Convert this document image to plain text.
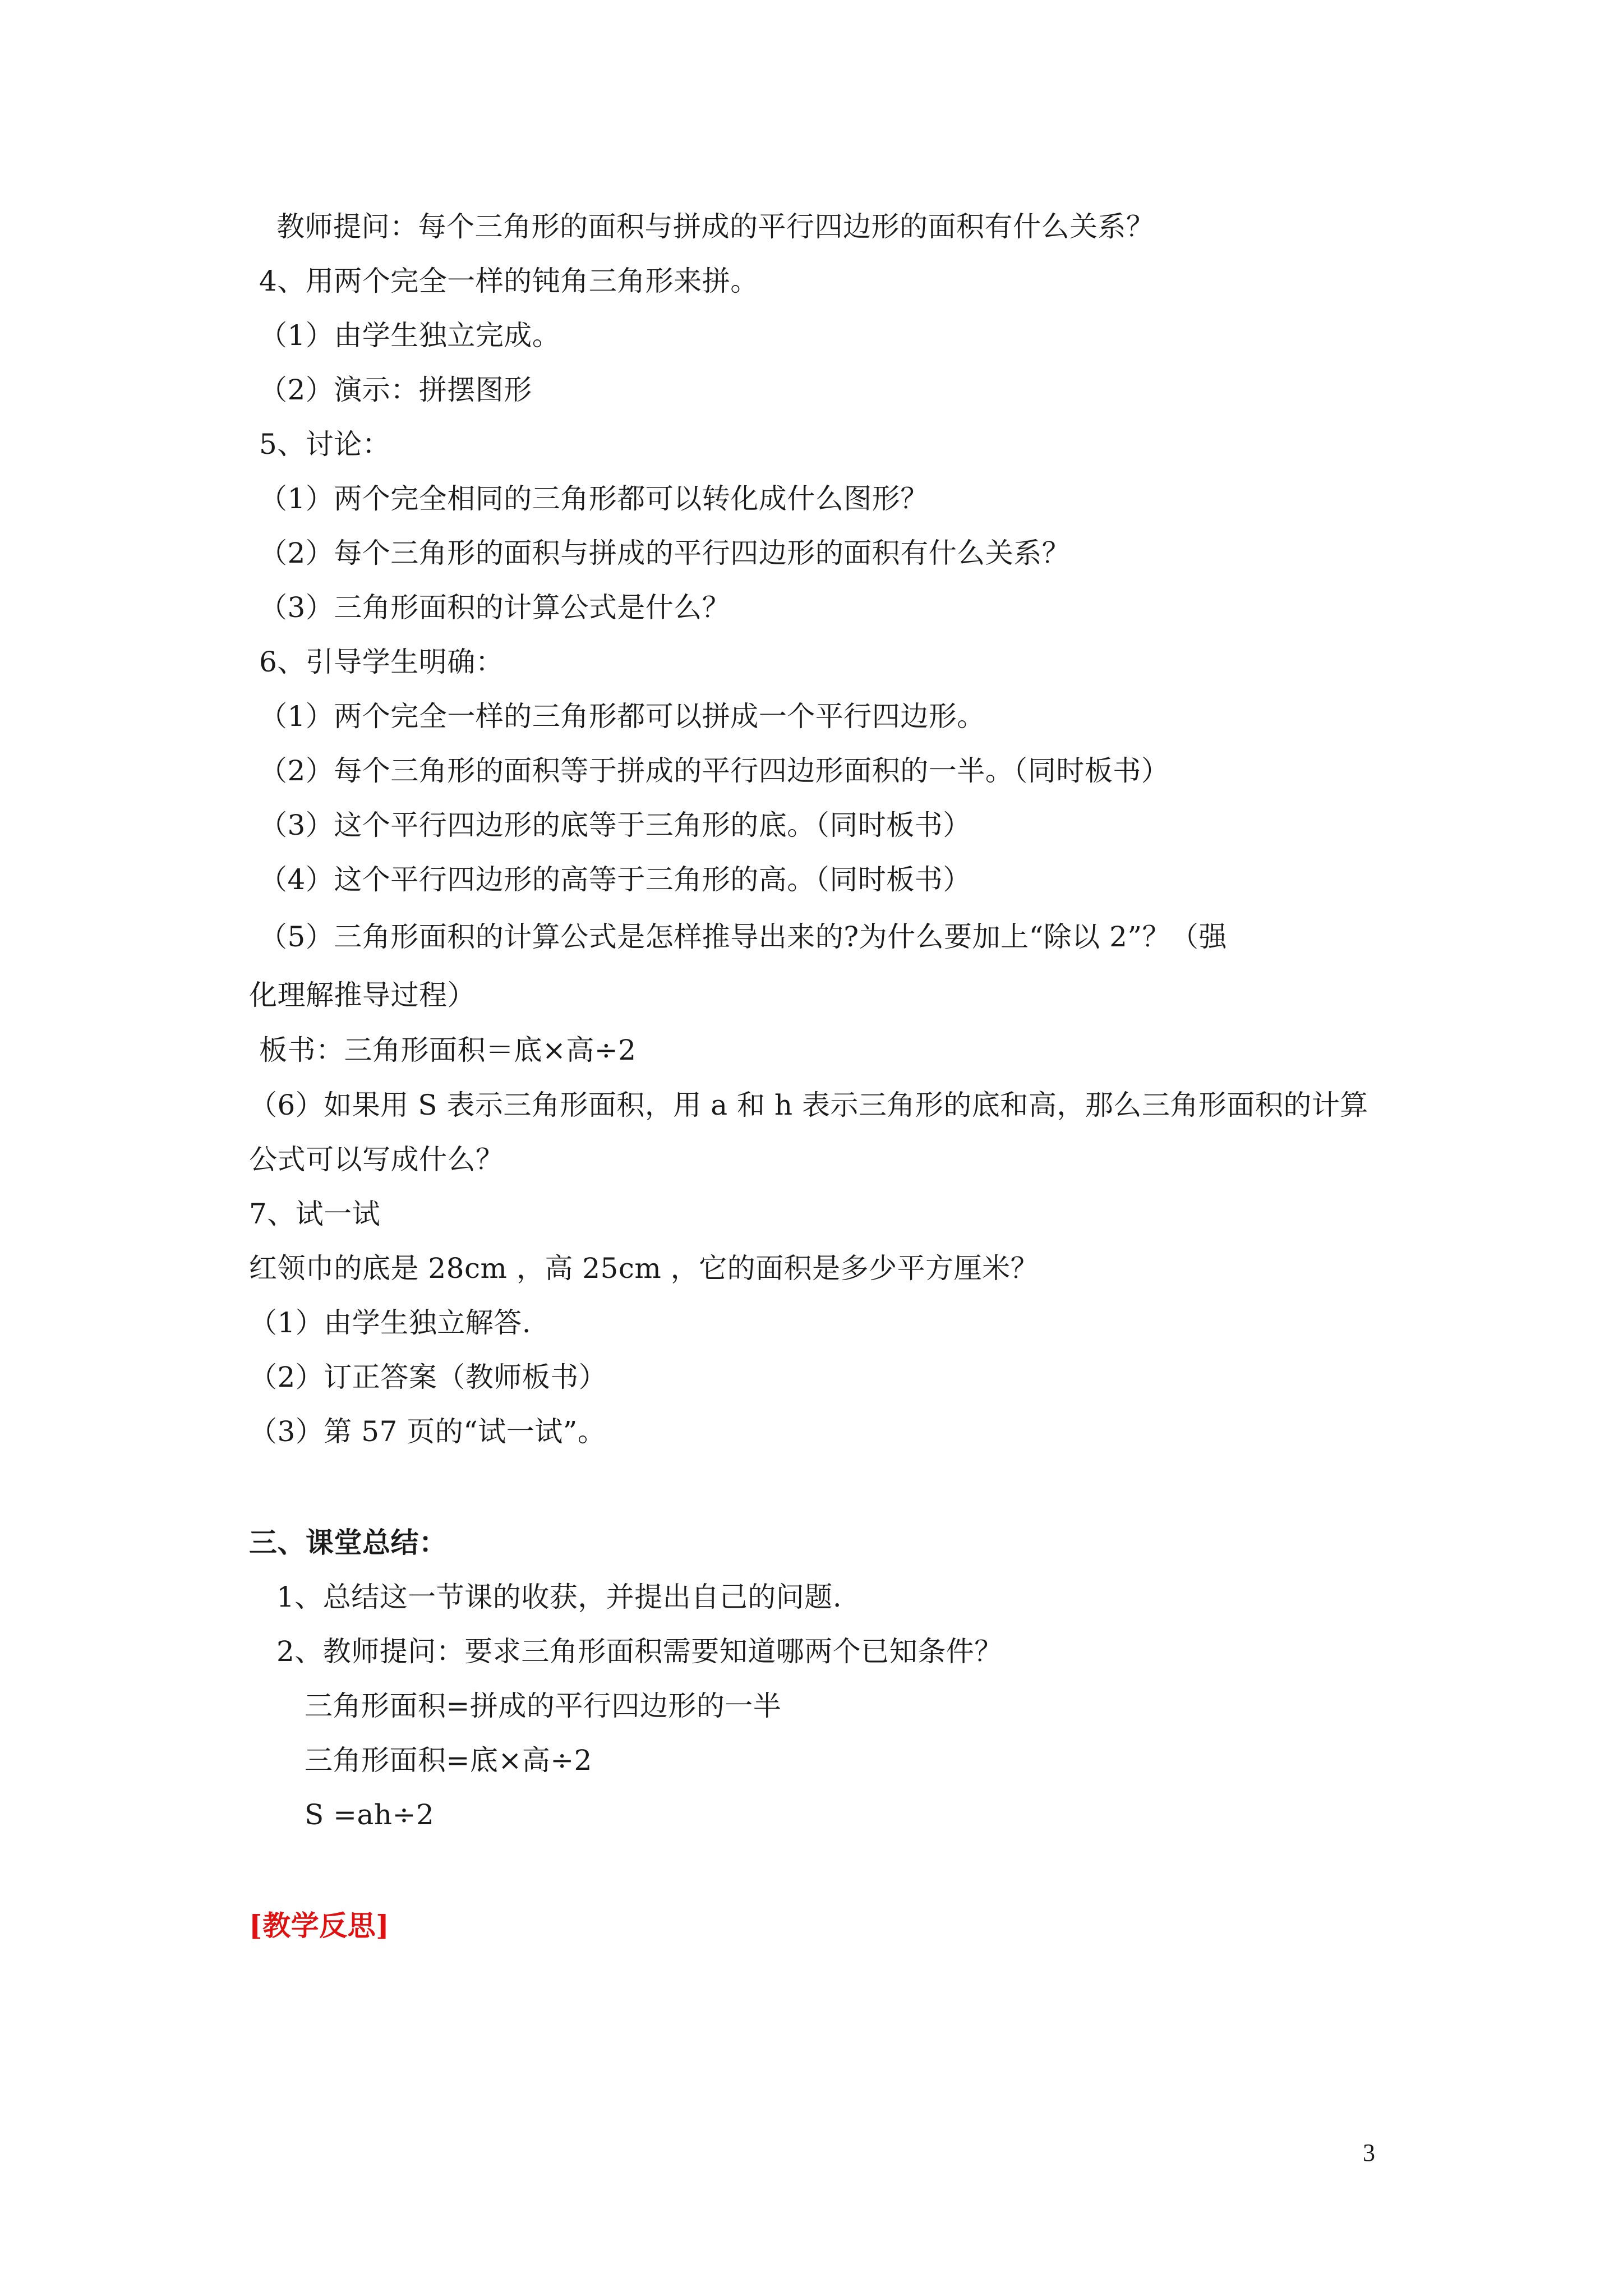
教师提问：每个三角形的面积与拼成的平行四边形的面积有什么关系？
4、用两个完全一样的钝角三角形来拼。
（1）由学生独立完成。
（2）演示：拼摆图形
5、讨论：
（1）两个完全相同的三角形都可以转化成什么图形？
（2）每个三角形的面积与拼成的平行四边形的面积有什么关系？
（3）三角形面积的计算公式是什么？
6、引导学生明确：
（1）两个完全一样的三角形都可以拼成一个平行四边形。
（2）每个三角形的面积等于拼成的平行四边形面积的一半。（同时板书）
（3）这个平行四边形的底等于三角形的底。（同时板书）
（4）这个平行四边形的高等于三角形的高。（同时板书）
（5）三角形面积的计算公式是怎样推导出来的?为什么要加上“除以 2”？（强
化理解推导过程）
板书：三角形面积＝底×高÷2
（6）如果用 S 表示三角形面积，用 a 和 h 表示三角形的底和高，那么三角形面积的计算
公式可以写成什么？
7、试一试
红领巾的底是 28cm ，高 25cm ，它的面积是多少平方厘米？
（1）由学生独立解答.
（2）订正答案（教师板书）
（3）第 57 页的“试一试”。
三、课堂总结：
1、总结这一节课的收获，并提出自己的问题.
2、教师提问：要求三角形面积需要知道哪两个已知条件？
三角形面积=拼成的平行四边形的一半
三角形面积=底×高÷2
S =ah÷2
[教学反思]
3
